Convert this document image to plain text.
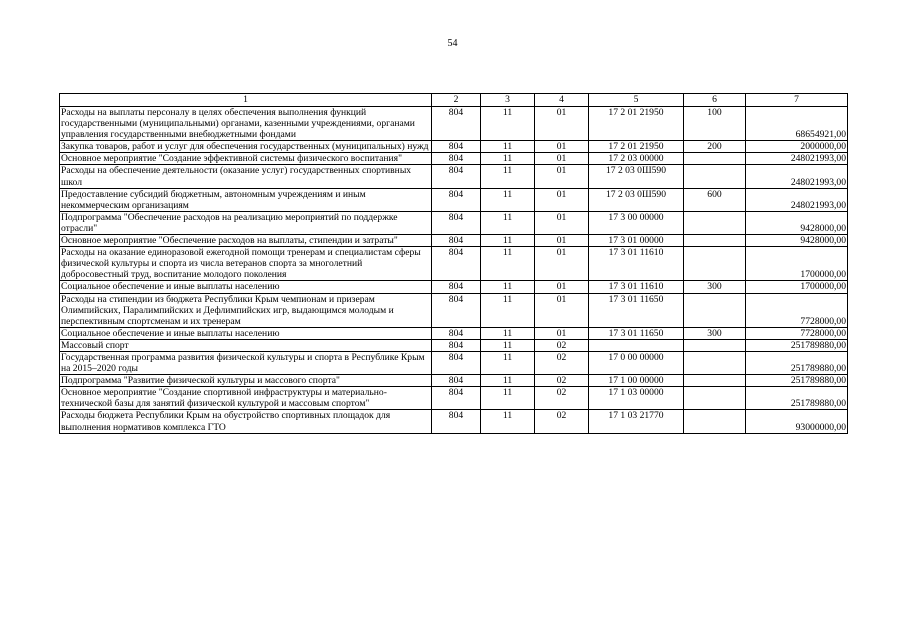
54
1	2	3	4	5	6	7
Расходы на выплаты персоналу в целях обеспечения выполнения функций государственными (муниципальными) органами, казенными учреждениями, органами управления государственными внебюджетными фондами	804	11	01	17 2 01 21950	100	68654921,00
Закупка товаров, работ и услуг для обеспечения государственных (муниципальных) нужд	804	11	01	17 2 01 21950	200	2000000,00
Основное мероприятие "Создание эффективной системы физического воспитания"	804	11	01	17 2 03 00000		248021993,00
Расходы на обеспечение деятельности (оказание услуг) государственных спортивных школ	804	11	01	17 2 03 0Ш590		248021993,00
Предоставление субсидий бюджетным, автономным учреждениям и иным некоммерческим организациям	804	11	01	17 2 03 0Ш590	600	248021993,00
Подпрограмма "Обеспечение расходов на реализацию мероприятий по поддержке отрасли"	804	11	01	17 3 00 00000		9428000,00
Основное мероприятие "Обеспечение расходов на выплаты, стипендии и затраты"	804	11	01	17 3 01 00000		9428000,00
Расходы на оказание единоразовой ежегодной помощи тренерам и специалистам сферы физической культуры и спорта из числа ветеранов спорта за многолетний добросовестный труд, воспитание молодого поколения	804	11	01	17 3 01 11610		1700000,00
Социальное обеспечение и иные выплаты населению	804	11	01	17 3 01 11610	300	1700000,00
Расходы на стипендии из бюджета Республики Крым чемпионам и призерам Олимпийских, Паралимпийских и Дефлимпийских игр, выдающимся молодым и перспективным спортсменам и их тренерам	804	11	01	17 3 01 11650		7728000,00
Социальное обеспечение и иные выплаты населению	804	11	01	17 3 01 11650	300	7728000,00
Массовый спорт	804	11	02			251789880,00
Государственная программа развития физической культуры и спорта в Республике Крым на 2015–2020 годы	804	11	02	17 0 00 00000		251789880,00
Подпрограмма "Развитие физической культуры и массового спорта"	804	11	02	17 1 00 00000		251789880,00
Основное мероприятие "Создание спортивной инфраструктуры и материально-технической базы для занятий физической культурой и массовым спортом"	804	11	02	17 1 03 00000		251789880,00
Расходы бюджета Республики Крым на обустройство спортивных площадок для выполнения нормативов комплекса ГТО	804	11	02	17 1 03 21770		93000000,00
